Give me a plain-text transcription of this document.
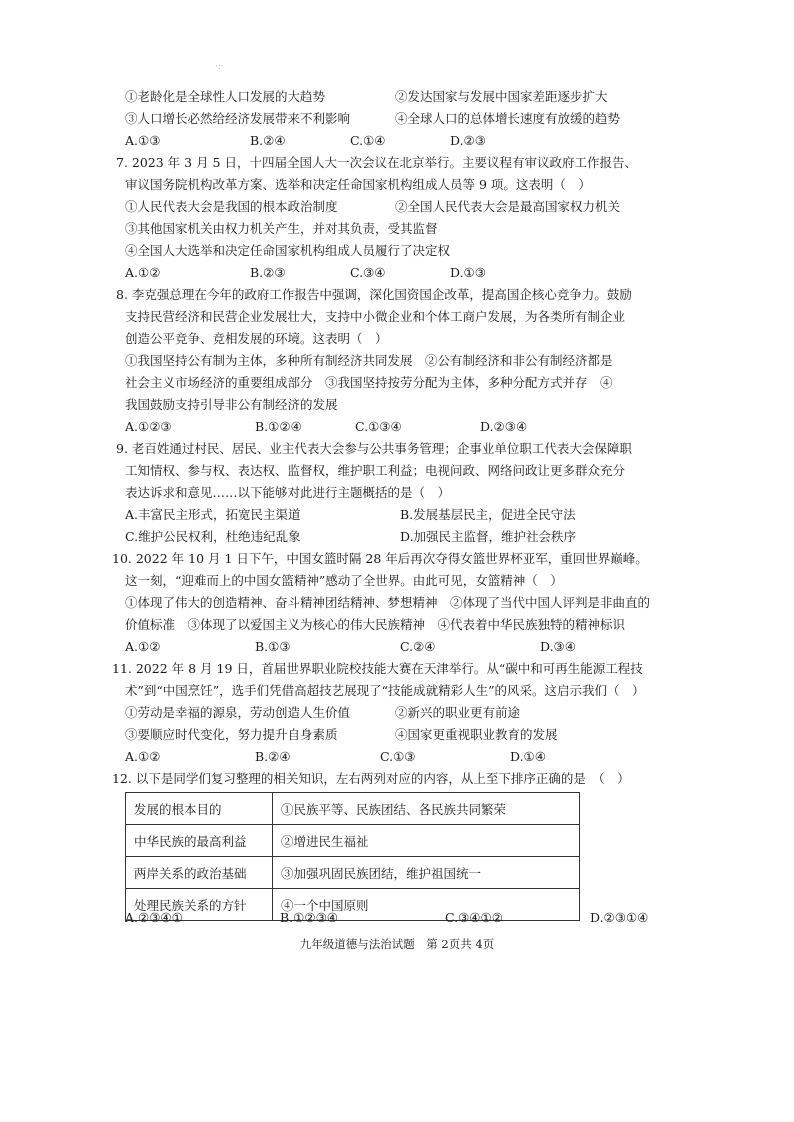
·:·
①老龄化是全球性人口发展的大趋势	②发达国家与发展中国家差距逐步扩大
③人口增长必然给经济发展带来不利影响	④全球人口的总体增长速度有放缓的趋势
A.①③	B.②④	C.①④	D.②③
7. 2023 年 3 月 5 日，十四届全国人大一次会议在北京举行。主要议程有审议政府工作报告、
审议国务院机构改革方案、选举和决定任命国家机构组成人员等 9 项。这表明（　）
①人民代表大会是我国的根本政治制度	②全国人民代表大会是最高国家权力机关
③其他国家机关由权力机关产生，并对其负责，受其监督
④全国人大选举和决定任命国家机构组成人员履行了决定权
A.①②	B.②③	C.③④	D.①③
8. 李克强总理在今年的政府工作报告中强调，深化国资国企改革，提高国企核心竞争力。鼓励
支持民营经济和民营企业发展壮大，支持中小微企业和个体工商户发展，为各类所有制企业
创造公平竞争、竞相发展的环境。这表明（　）
①我国坚持公有制为主体，多种所有制经济共同发展　②公有制经济和非公有制经济都是
社会主义市场经济的重要组成部分　③我国坚持按劳分配为主体，多种分配方式并存　④
我国鼓励支持引导非公有制经济的发展
A.①②③	B.①②④	C.①③④	D.②③④
9. 老百姓通过村民、居民、业主代表大会参与公共事务管理；企事业单位职工代表大会保障职
工知情权、参与权、表达权、监督权，维护职工利益；电视问政、网络问政让更多群众充分
表达诉求和意见……以下能够对此进行主题概括的是（　）
A.丰富民主形式，拓宽民主渠道	B.发展基层民主，促进全民守法
C.维护公民权利，杜绝违纪乱象	D.加强民主监督，维护社会秩序
10. 2022 年 10 月 1 日下午，中国女篮时隔 28 年后再次夺得女篮世界杯亚军，重回世界巅峰。
这一刻，“迎难而上的中国女篮精神”感动了全世界。由此可见，女篮精神（　）
①体现了伟大的创造精神、奋斗精神团结精神、梦想精神　②体现了当代中国人评判是非曲直的
价值标准　③体现了以爱国主义为核心的伟大民族精神　④代表着中华民族独特的精神标识
A.①②	B.①③	C.②④	D.③④
11. 2022 年 8 月 19 日，首届世界职业院校技能大赛在天津举行。从“碳中和可再生能源工程技
术”到“中国烹饪”，选手们凭借高超技艺展现了“技能成就精彩人生”的风采。这启示我们（　）
①劳动是幸福的源泉，劳动创造人生价值	②新兴的职业更有前途
③要顺应时代变化，努力提升自身素质	④国家更重视职业教育的发展
A.①②	B.②④	C.①③	D.①④
12. 以下是同学们复习整理的相关知识，左右两列对应的内容，从上至下排序正确的是　（　）
发展的根本目的	①民族平等、民族团结、各民族共同繁荣
中华民族的最高利益	②增进民生福祉
两岸关系的政治基础	③加强巩固民族团结，维护祖国统一
处理民族关系的方针	④一个中国原则
A.②③④①	B.①②③④	C.③④①②	D.②③①④
九年级道德与法治试题　第 2页共 4页
